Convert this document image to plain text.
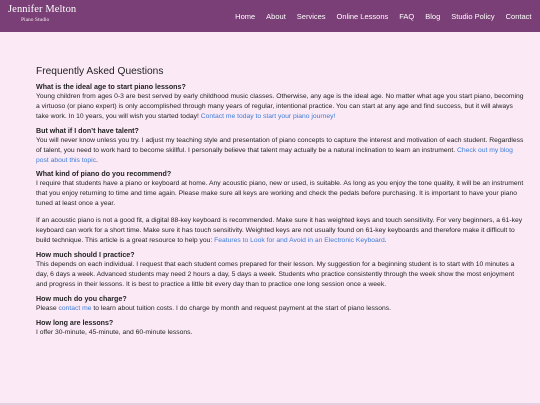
Jennifer Melton
Piano Studio	Home About Services Online Lessons FAQ Blog Studio Policy Contact
Frequently Asked Questions
What is the ideal age to start piano lessons?

Young children from ages 0-3 are best served by early childhood music classes. Otherwise, any age is the ideal age. No matter what age you start piano, becoming a virtuoso (or piano expert) is only accomplished through many years of regular, intentional practice. You can start at any age and find success, but it will always take work. In 10 years, you will wish you started today! Contact me today to start your piano journey!

But what if I don’t have talent?

You will never know unless you try. I adjust my teaching style and presentation of piano concepts to capture the interest and motivation of each student. Regardless of talent, you need to work hard to become skillful. I personally believe that talent may actually be a natural inclination to learn an instrument. Check out my blog post about this topic.

What kind of piano do you recommend?

I require that students have a piano or keyboard at home. Any acoustic piano, new or used, is suitable. As long as you enjoy the tone quality, it will be an instrument that you enjoy returning to time and time again. Please make sure all keys are working and check the pedals before purchasing. It is important to have your piano tuned at least once a year.

If an acoustic piano is not a good fit, a digital 88-key keyboard is recommended. Make sure it has weighted keys and touch sensitivity. For very beginners, a 61-key keyboard can work for a short time. Make sure it has touch sensitivity. Weighted keys are not usually found on 61-key keyboards and therefore make it difficult to build technique. This article is a great resource to help you: Features to Look for and Avoid in an Electronic Keyboard.

How much should I practice?

This depends on each individual. I request that each student comes prepared for their lesson. My suggestion for a beginning student is to start with 10 minutes a day, 6 days a week. Advanced students may need 2 hours a day, 5 days a week. Students who practice consistently through the week show the most enjoyment and progress in their lessons. It is best to practice a little bit every day than to practice one long session once a week.

How much do you charge?

Please contact me to learn about tuition costs. I do charge by month and request payment at the start of piano lessons.

How long are lessons?

I offer 30-minute, 45-minute, and 60-minute lessons.
